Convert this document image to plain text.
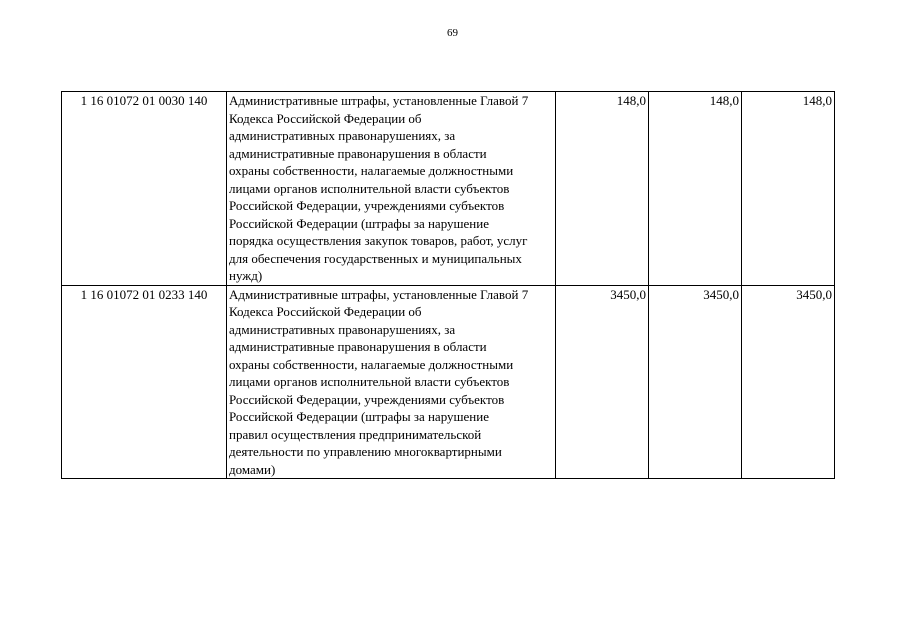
69
1 16 01072 01 0030 140	Административные штрафы, установленные Главой 7
Кодекса Российской Федерации об
административных правонарушениях, за
административные правонарушения в области
охраны собственности, налагаемые должностными
лицами органов исполнительной власти субъектов
Российской Федерации, учреждениями субъектов
Российской Федерации (штрафы за нарушение
порядка осуществления закупок товаров, работ, услуг
для обеспечения государственных и муниципальных
нужд)
	148,0	148,0	148,0
1 16 01072 01 0233 140	Административные штрафы, установленные Главой 7
Кодекса Российской Федерации об
административных правонарушениях, за
административные правонарушения в области
охраны собственности, налагаемые должностными
лицами органов исполнительной власти субъектов
Российской Федерации, учреждениями субъектов
Российской Федерации (штрафы за нарушение
правил осуществления предпринимательской
деятельности по управлению многоквартирными
домами)
	3450,0	3450,0	3450,0
